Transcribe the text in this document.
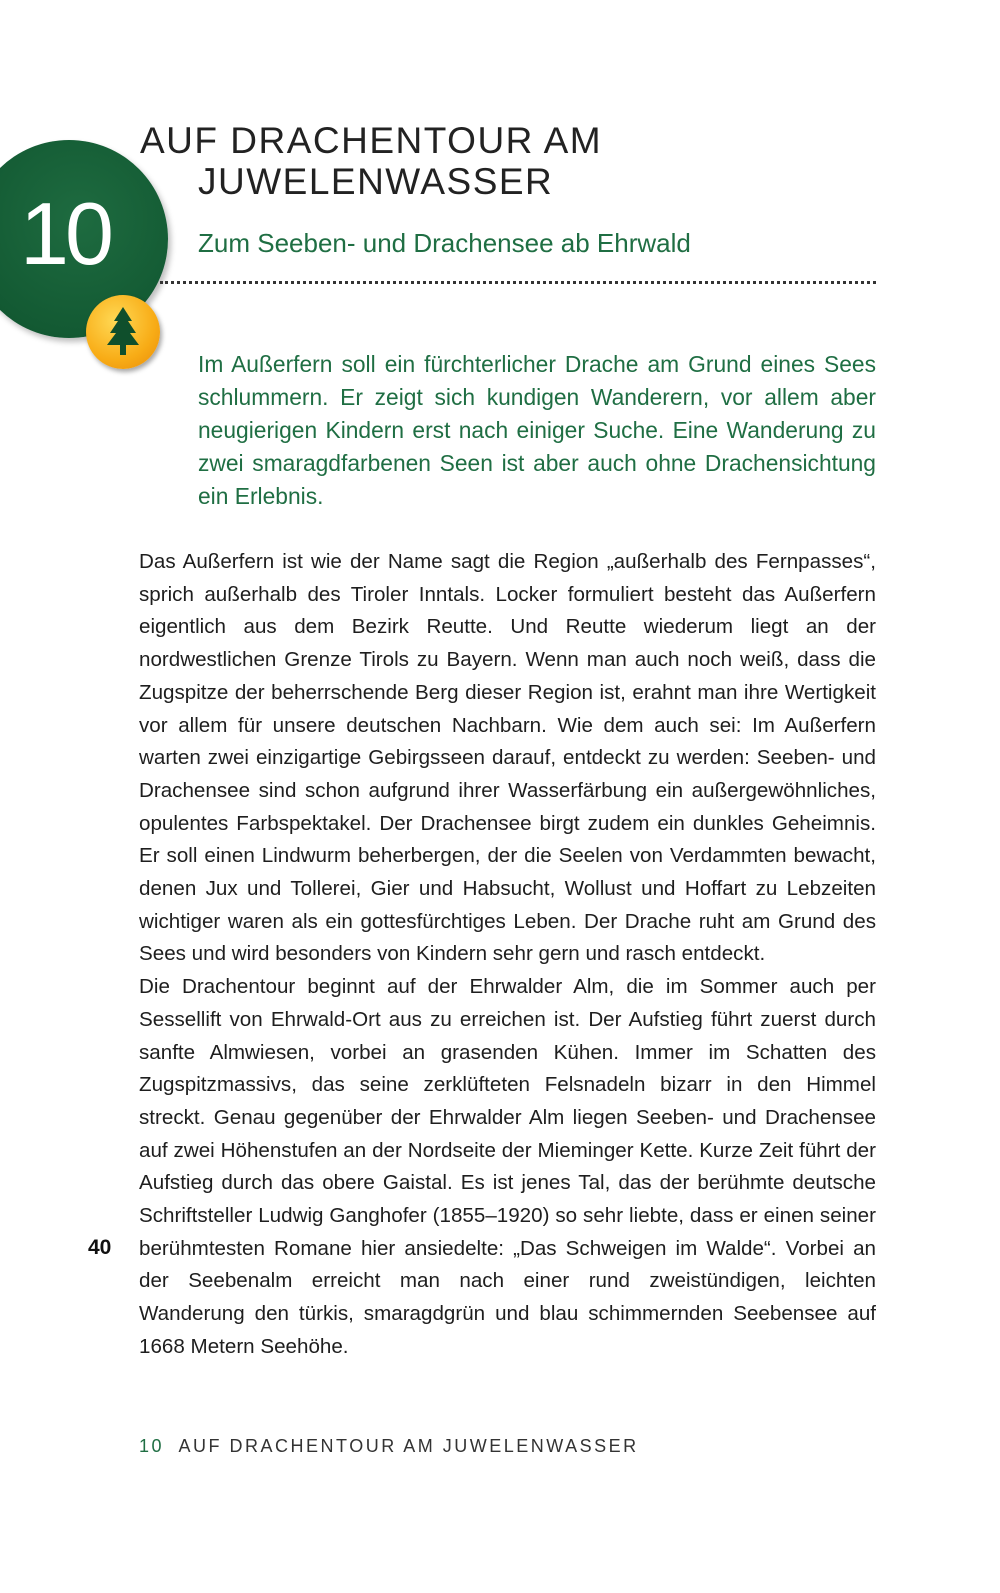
10
AUF DRACHENTOUR AM
JUWELENWASSER
Zum Seeben- und Drachensee ab Ehrwald

Im Außerfern soll ein fürchterlicher Drache am Grund eines Sees schlummern. Er zeigt sich kundigen Wanderern, vor allem aber neugierigen Kindern erst nach einiger Suche. Eine Wanderung zu zwei smaragdfarbenen Seen ist aber auch ohne Drachensichtung ein Erlebnis.

Das Außerfern ist wie der Name sagt die Region „außerhalb des Fernpasses“, sprich außerhalb des Tiroler Inntals. Locker formuliert besteht das Außerfern eigentlich aus dem Bezirk Reutte. Und Reutte wiederum liegt an der nordwestlichen Grenze Tirols zu Bayern. Wenn man auch noch weiß, dass die Zugspitze der beherrschende Berg dieser Region ist, erahnt man ihre Wertigkeit vor allem für unsere deutschen Nachbarn. Wie dem auch sei: Im Außerfern warten zwei einzigartige Gebirgsseen darauf, entdeckt zu werden: Seeben- und Drachensee sind schon aufgrund ihrer Wasserfärbung ein außergewöhnliches, opulentes Farbspektakel. Der Drachensee birgt zudem ein dunkles Geheimnis. Er soll einen Lindwurm beherbergen, der die Seelen von Verdammten bewacht, denen Jux und Tollerei, Gier und Habsucht, Wollust und Hoffart zu Lebzeiten wichtiger waren als ein gottesfürchtiges Leben. Der Drache ruht am Grund des Sees und wird besonders von Kindern sehr gern und rasch entdeckt.

Die Drachentour beginnt auf der Ehrwalder Alm, die im Sommer auch per Sessellift von Ehrwald-Ort aus zu erreichen ist. Der Aufstieg führt zuerst durch sanfte Almwiesen, vorbei an grasenden Kühen. Immer im Schatten des Zugspitzmassivs, das seine zerklüfteten Felsnadeln bizarr in den Himmel streckt. Genau gegenüber der Ehrwalder Alm liegen Seeben- und Drachensee auf zwei Höhenstufen an der Nordseite der Mieminger Kette. Kurze Zeit führt der Aufstieg durch das obere Gaistal. Es ist jenes Tal, das der berühmte deutsche Schriftsteller Ludwig Ganghofer (1855–1920) so sehr liebte, dass er einen seiner berühmtesten Romane hier ansiedelte: „Das Schweigen im Walde“. Vorbei an der Seebenalm erreicht man nach einer rund zweistündigen, leichten Wanderung den türkis, smaragdgrün und blau schimmernden Seebensee auf 1668 Metern Seehöhe.

40
10 AUF DRACHENTOUR AM JUWELENWASSER
